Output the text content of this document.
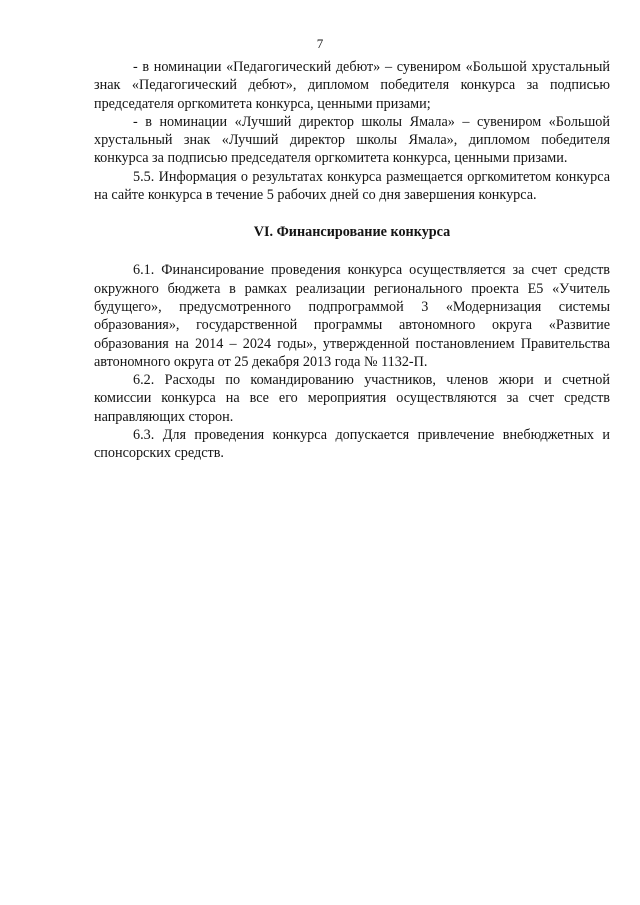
7

- в номинации «Педагогический дебют» – сувениром «Большой хрустальный знак «Педагогический дебют», дипломом победителя конкурса за подписью председателя оргкомитета конкурса, ценными призами;

- в номинации «Лучший директор школы Ямала» – сувениром «Большой хрустальный знак «Лучший директор школы Ямала», дипломом победителя конкурса за подписью председателя оргкомитета конкурса, ценными призами.

5.5. Информация о результатах конкурса размещается оргкомитетом конкурса на сайте конкурса в течение 5 рабочих дней со дня завершения конкурса.

VI. Финансирование конкурса

6.1. Финансирование проведения конкурса осуществляется за счет средств окружного бюджета в рамках реализации регионального проекта Е5 «Учитель будущего», предусмотренного подпрограммой 3 «Модернизация системы образования», государственной программы автономного округа «Развитие образования на 2014 – 2024 годы», утвержденной постановлением Правительства автономного округа от 25 декабря 2013 года № 1132-П.

6.2. Расходы по командированию участников, членов жюри и счетной комиссии конкурса на все его мероприятия осуществляются за счет средств направляющих сторон.

6.3. Для проведения конкурса допускается привлечение внебюджетных и спонсорских средств.
